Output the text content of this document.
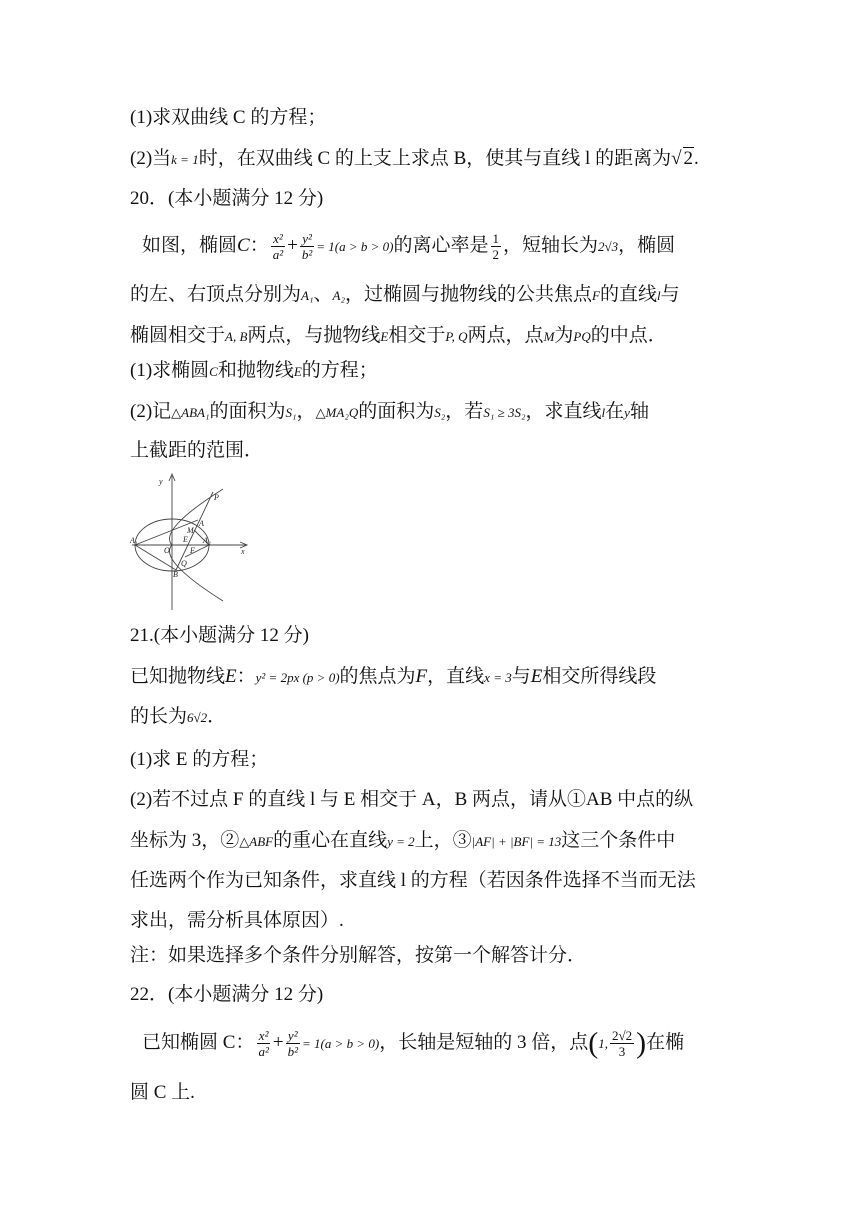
(1)求双曲线 C 的方程；
(2)当k = 1时，在双曲线 C 的上支上求点 B，使其与直线 l 的距离为√ 2.
20．(本小题满分 12 分)
如图，椭圆C： $\frac{\text{x²}}{\text{a²}} + \frac{\text{y²}}{\text{b²}} = 1(a > b > 0)$的离心率是 $\frac{1}{2}$ ，短轴长为2√3，椭圆
的左、右顶点分别为A₁、A₂，过椭圆与抛物线的公共焦点F的直线l与
椭圆相交于A, B两点，与抛物线E相交于P, Q两点，点M为PQ的中点．
(1)求椭圆C和抛物线E的方程；
(2)记△ABA₁的面积为S₁，△MA₂Q的面积为S₂，若S₁ ≥ 3S₂，求直线l在y轴
上截距的范围．
y
x
P
A
M
E
O	F
A₁	A₂
Q
B
21.(本小题满分 12 分)
已知抛物线E：y² = 2px (p > 0)的焦点为F，直线x = 3与E相交所得线段
的长为6√2．
(1)求 E 的方程；
(2)若不过点 F 的直线 l 与 E 相交于 A，B 两点，请从①AB 中点的纵
坐标为 3，②△ABF的重心在直线y = 2上，③|AF| + |BF| = 13这三个条件中
任选两个作为已知条件，求直线 l 的方程（若因条件选择不当而无法
求出，需分析具体原因）.
注：如果选择多个条件分别解答，按第一个解答计分．
22．(本小题满分 12 分)
已知椭圆 C： $\frac{\text{x²}}{\text{a²}} + \frac{\text{y²}}{\text{b²}} = 1(a > b > 0)$，长轴是短轴的 3 倍，点(1, $\frac{2√2}{3}$ )在椭
圆 C 上.
